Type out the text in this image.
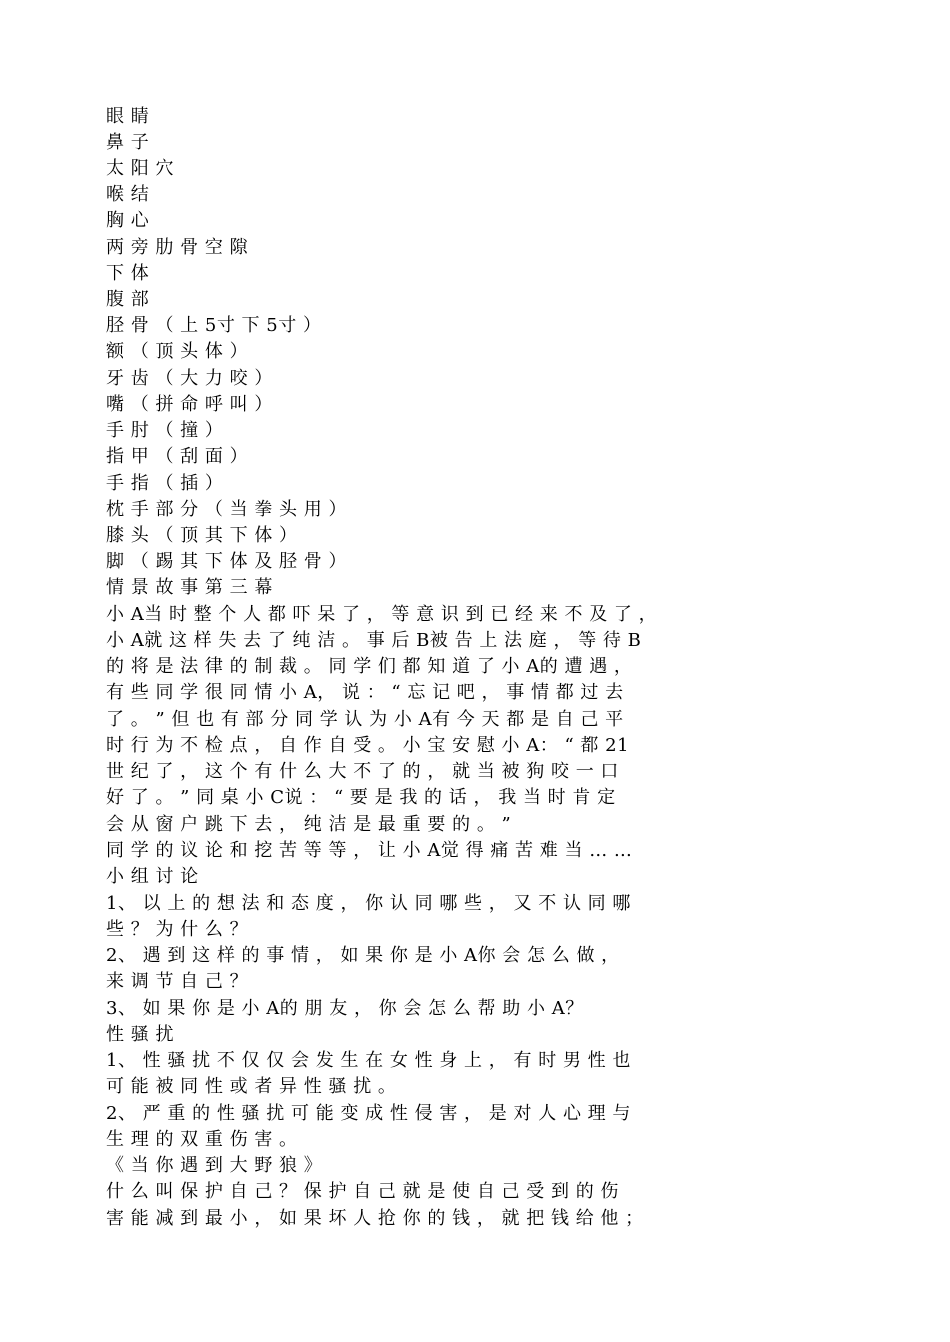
眼 睛
鼻 子
太 阳 穴
喉 结
胸 心
两 旁 肋 骨 空 隙
下 体
腹 部
胫 骨 （ 上 5寸 下 5寸 ）
额 （ 顶 头 体 ）
牙 齿 （ 大 力 咬 ）
嘴 （ 拼 命 呼 叫 ）
手 肘 （ 撞 ）
指 甲 （ 刮 面 ）
手 指 （ 插 ）
枕 手 部 分 （ 当 拳 头 用 ）
膝 头 （ 顶 其 下 体 ）
脚 （ 踢 其 下 体 及 胫 骨 ）
情 景 故 事 第 三 幕
小 A当 时 整 个 人 都 吓 呆 了 ， 等 意 识 到 已 经 来 不 及 了 ，
小 A就 这 样 失 去 了 纯 洁 。 事 后 B被 告 上 法 庭 ， 等 待 B
的 将 是 法 律 的 制 裁 。 同 学 们 都 知 道 了 小 A的 遭 遇 ，
有 些 同 学 很 同 情 小 A， 说 ： “ 忘 记 吧 ， 事 情 都 过 去
了 。 ” 但 也 有 部 分 同 学 认 为 小 A有 今 天 都 是 自 己 平
时 行 为 不 检 点 ， 自 作 自 受 。 小 宝 安 慰 小 A： “ 都 21
世 纪 了 ， 这 个 有 什 么 大 不 了 的 ， 就 当 被 狗 咬 一 口
好 了 。 ” 同 桌 小 C说 ： “ 要 是 我 的 话 ， 我 当 时 肯 定
会 从 窗 户 跳 下 去 ， 纯 洁 是 最 重 要 的 。 ”
同 学 的 议 论 和 挖 苦 等 等 ， 让 小 A觉 得 痛 苦 难 当 … …
小 组 讨 论
1、 以 上 的 想 法 和 态 度 ， 你 认 同 哪 些 ， 又 不 认 同 哪
些 ？ 为 什 么 ？
2、 遇 到 这 样 的 事 情 ， 如 果 你 是 小 A你 会 怎 么 做 ，
来 调 节 自 己 ？
3、 如 果 你 是 小 A的 朋 友 ， 你 会 怎 么 帮 助 小 A？
性 骚 扰
1、 性 骚 扰 不 仅 仅 会 发 生 在 女 性 身 上 ， 有 时 男 性 也
可 能 被 同 性 或 者 异 性 骚 扰 。
2、 严 重 的 性 骚 扰 可 能 变 成 性 侵 害 ， 是 对 人 心 理 与
生 理 的 双 重 伤 害 。
《 当 你 遇 到 大 野 狼 》
什 么 叫 保 护 自 己 ？ 保 护 自 己 就 是 使 自 己 受 到 的 伤
害 能 减 到 最 小 ， 如 果 坏 人 抢 你 的 钱 ， 就 把 钱 给 他 ；
